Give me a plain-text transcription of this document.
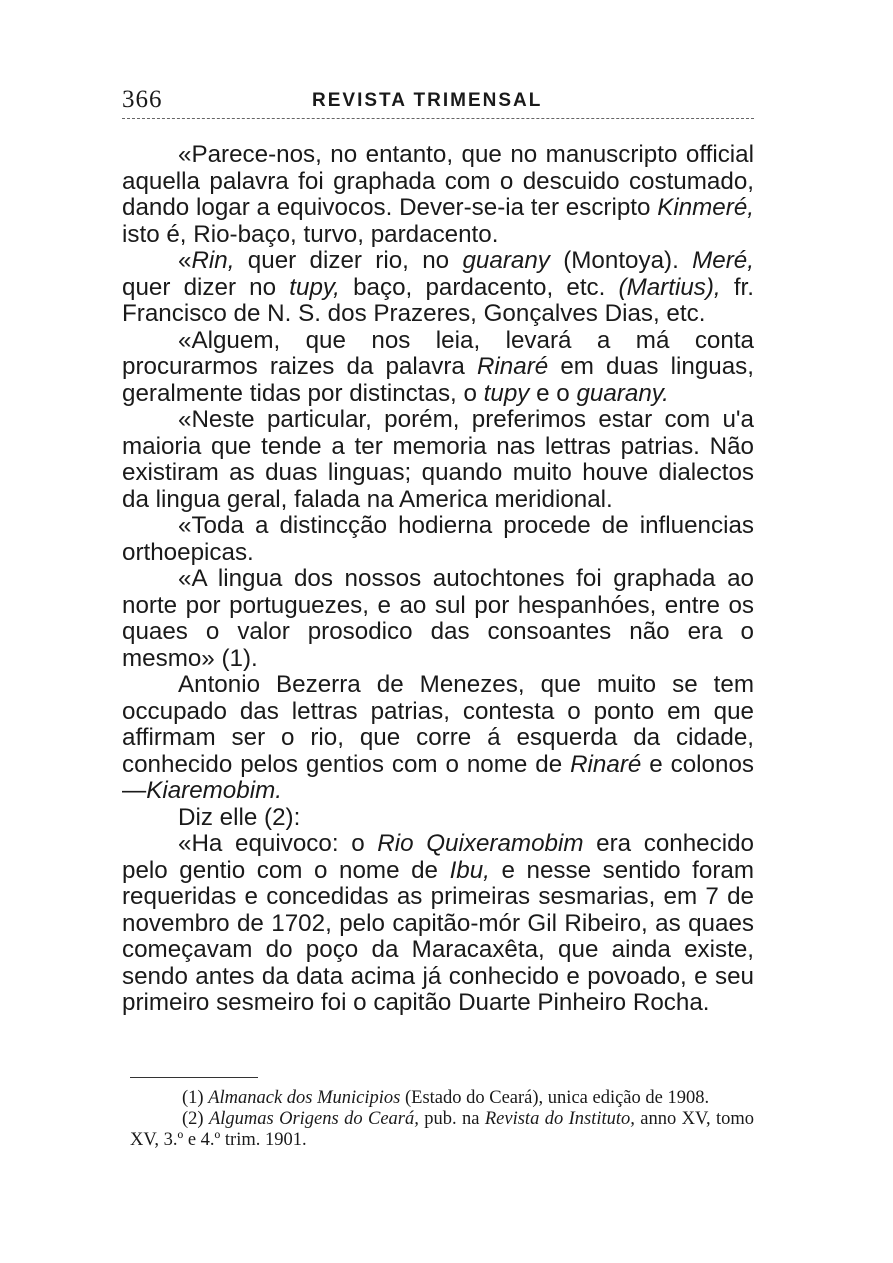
366	REVISTA TRIMENSAL

«Parece-nos, no entanto, que no manuscripto official aquella palavra foi graphada com o descuido costumado, dando logar a equivocos. Dever-se-ia ter escripto Kinmeré, isto é, Rio-baço, turvo, pardacento.

«Rin, quer dizer rio, no guarany (Montoya). Meré, quer dizer no tupy, baço, pardacento, etc. (Martius), fr. Francisco de N. S. dos Prazeres, Gonçalves Dias, etc.

«Alguem, que nos leia, levará a má conta procurarmos raizes da palavra Rinaré em duas linguas, geralmente tidas por distinctas, o tupy e o guarany.

«Neste particular, porém, preferimos estar com u'a maioria que tende a ter memoria nas lettras patrias. Não existiram as duas linguas; quando muito houve dialectos da lingua geral, falada na America meridional.

«Toda a distincção hodierna procede de influencias orthoepicas.

«A lingua dos nossos autochtones foi graphada ao norte por portuguezes, e ao sul por hespanhóes, entre os quaes o valor prosodico das consoantes não era o mesmo» (1).

Antonio Bezerra de Menezes, que muito se tem occupado das lettras patrias, contesta o ponto em que affirmam ser o rio, que corre á esquerda da cidade, conhecido pelos gentios com o nome de Rinaré e colonos—Kiaremobim.

Diz elle (2):

«Ha equivoco: o Rio Quixeramobim era conhecido pelo gentio com o nome de Ibu, e nesse sentido foram requeridas e concedidas as primeiras sesmarias, em 7 de novembro de 1702, pelo capitão-mór Gil Ribeiro, as quaes começavam do poço da Maracaxêta, que ainda existe, sendo antes da data acima já conhecido e povoado, e seu primeiro sesmeiro foi o capitão Duarte Pinheiro Rocha.

(1) Almanack dos Municipios (Estado do Ceará), unica edição de 1908.

(2) Algumas Origens do Ceará, pub. na Revista do Instituto, anno XV, tomo XV, 3.º e 4.º trim. 1901.
